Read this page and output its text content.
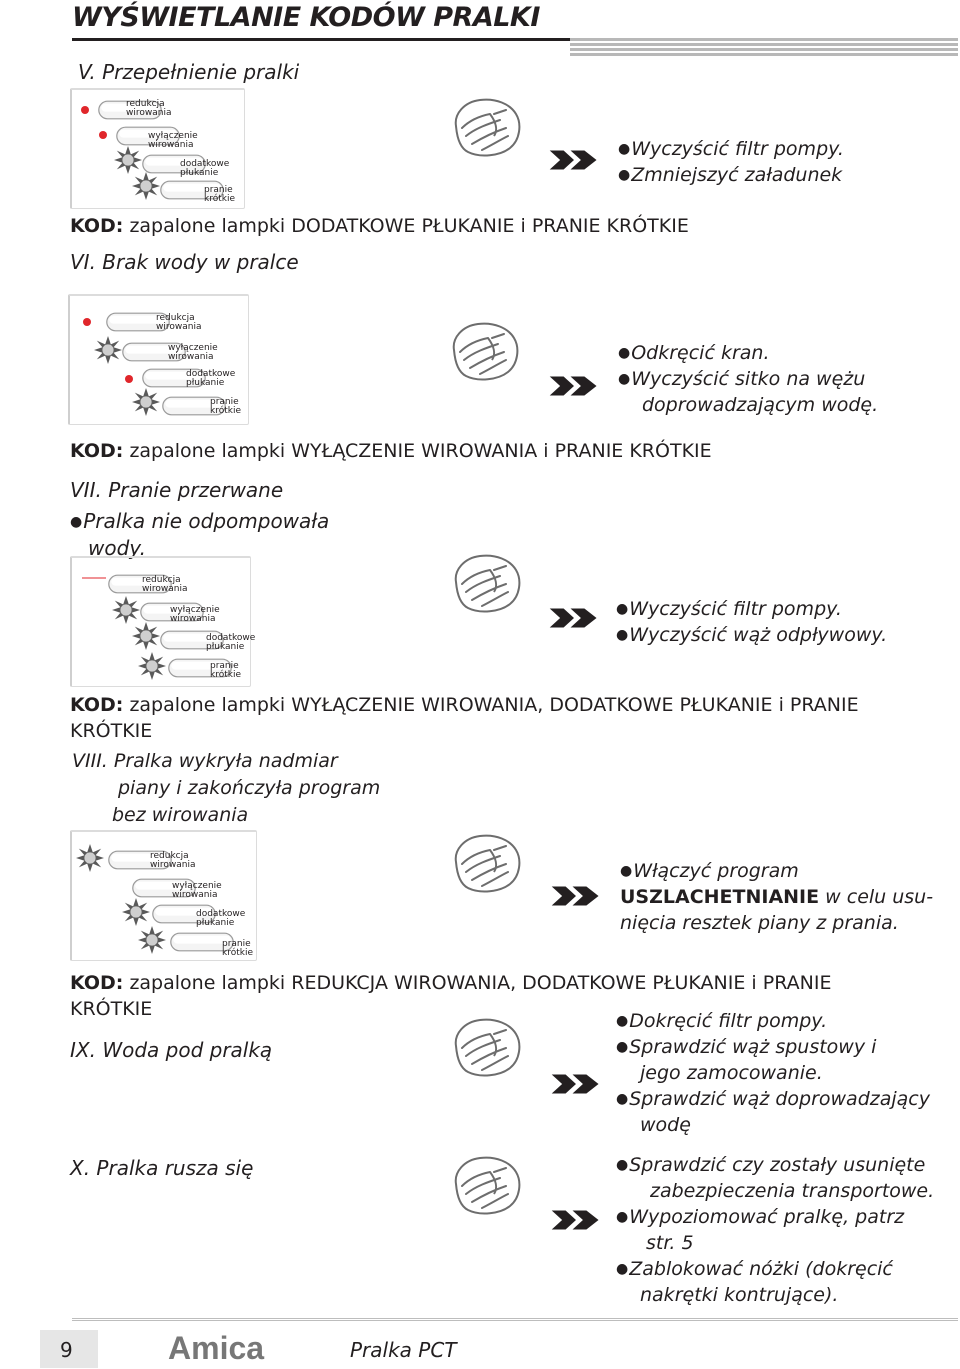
WYŚWIETLANIE KODÓW PRALKI
V. Przepełnienie pralki
redukcja
wirowania
wyłączenie
wirowania
dodatkowe
płukanie
pranie
krótkie
●Wyczyścić filtr pompy.
●Zmniejszyć załadunek
KOD: zapalone lampki DODATKOWE PŁUKANIE i PRANIE KRÓTKIE
VI. Brak wody w pralce
redukcja
wirowania
wyłączenie
wirowania
dodatkowe
płukanie
pranie
krótkie
●Odkręcić kran.
●Wyczyścić sitko na wężu
doprowadzającym wodę.
KOD: zapalone lampki WYŁĄCZENIE WIROWANIA i PRANIE KRÓTKIE
VII. Pranie przerwane
●Pralka nie odpompowała
wody.
redukcja
wirowania
wyłączenie
wirowania
dodatkowe
płukanie
pranie
krótkie
●Wyczyścić filtr pompy.
●Wyczyścić wąż odpływowy.
KOD: zapalone lampki WYŁĄCZENIE WIROWANIA, DODATKOWE PŁUKANIE i PRANIE
KRÓTKIE
VIII. Pralka wykryła nadmiar
piany i zakończyła program
bez wirowania
redukcja
wirowania
wyłączenie
wirowania
dodatkowe
płukanie
pranie
krótkie
●Włączyć program
USZLACHETNIANIE w celu usu-
nięcia resztek piany z prania.
KOD: zapalone lampki REDUKCJA WIROWANIA, DODATKOWE PŁUKANIE i PRANIE
KRÓTKIE
IX. Woda pod pralką
●Dokręcić filtr pompy.
●Sprawdzić wąż spustowy i
jego zamocowanie.
●Sprawdzić wąż doprowadzający
wodę
X. Pralka rusza się	●Sprawdzić czy zostały usunięte
zabezpieczenia transportowe.
●Wypoziomować pralkę, patrz
str. 5
●Zablokować nóżki (dokręcić
nakrętki kontrujące).
9	Amica	Pralka PCT
